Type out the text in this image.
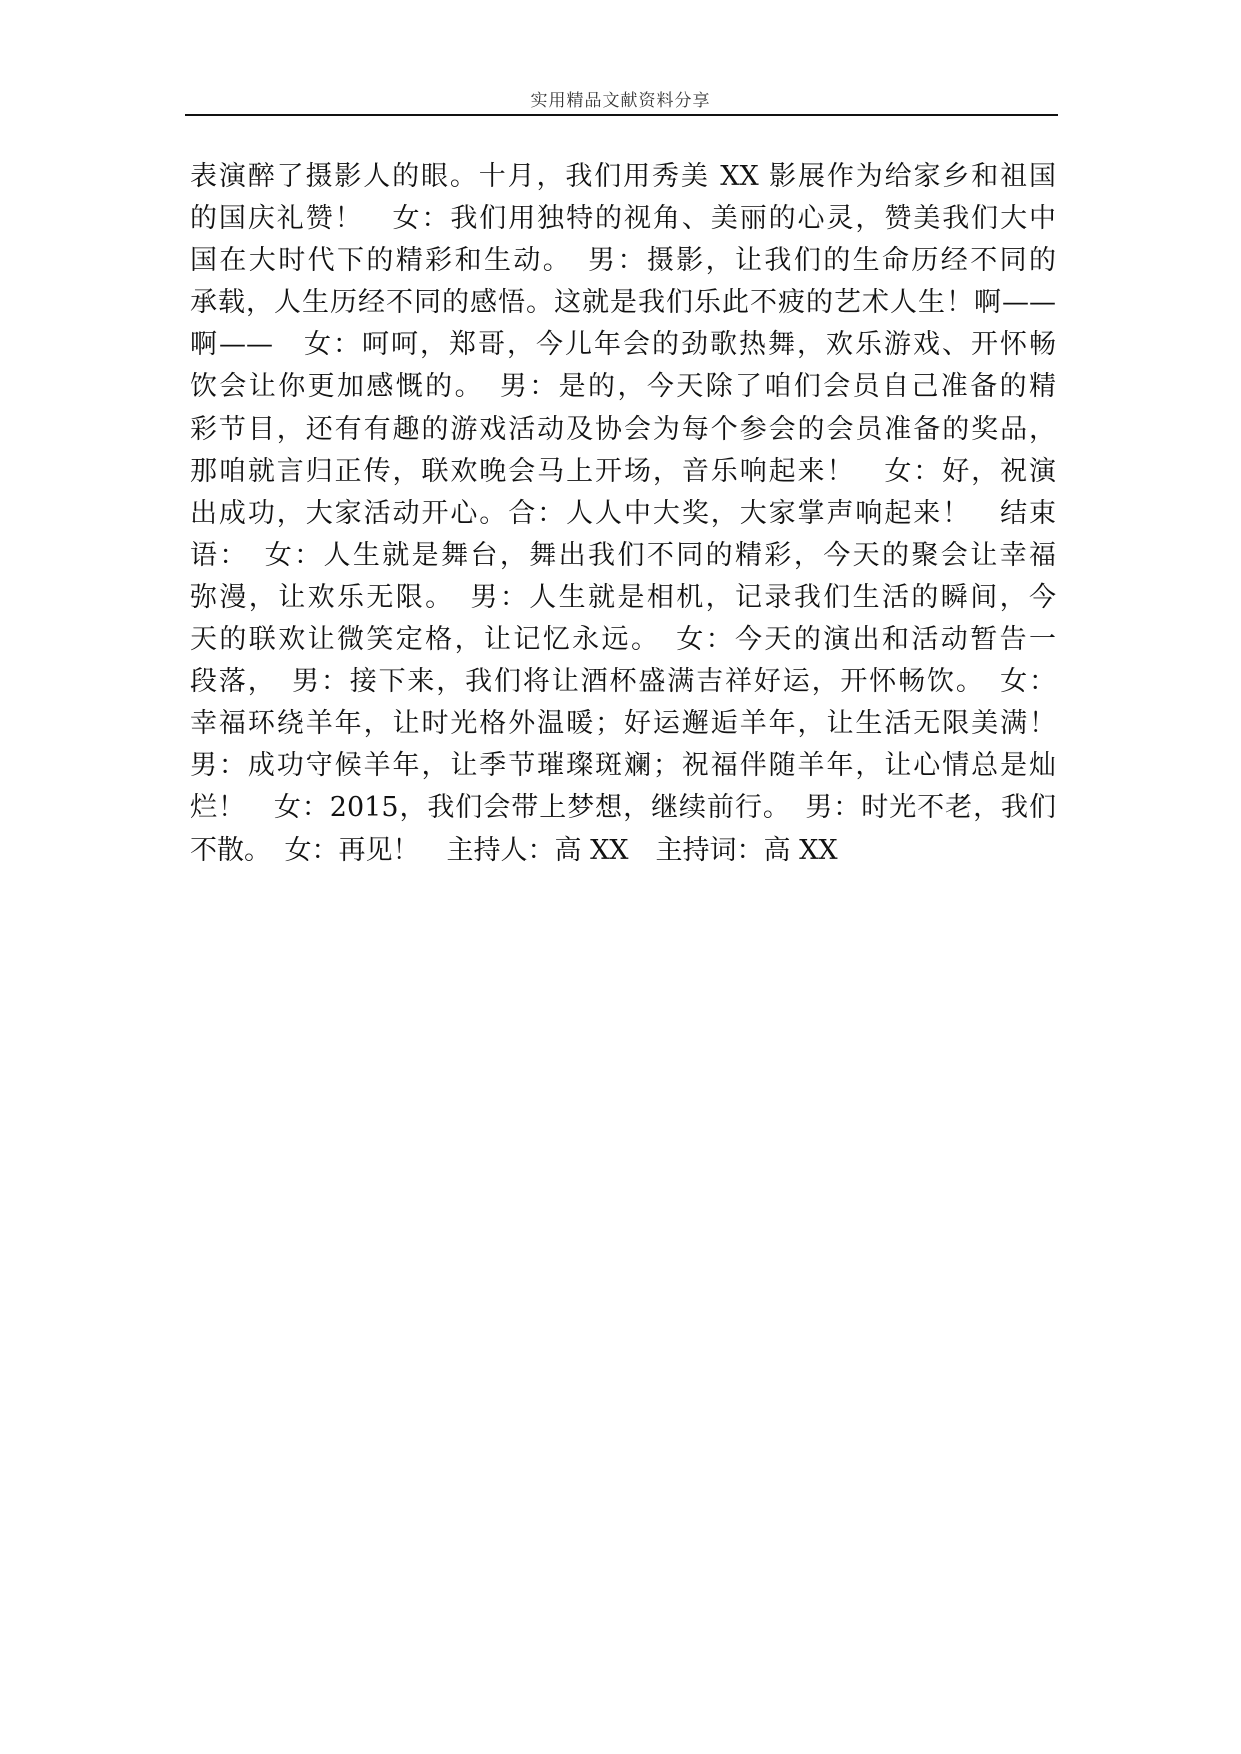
实用精品文献资料分享
表演醉了摄影人的眼。十月，我们用秀美 XX 影展作为给家乡和祖国
的国庆礼赞！　女：我们用独特的视角、美丽的心灵，赞美我们大中
国在大时代下的精彩和生动。　男：摄影，让我们的生命历经不同的
承载，人生历经不同的感悟。这就是我们乐此不疲的艺术人生！啊——
啊——　女：呵呵，郑哥，今儿年会的劲歌热舞，欢乐游戏、开怀畅
饮会让你更加感慨的。　男：是的，今天除了咱们会员自己准备的精
彩节目，还有有趣的游戏活动及协会为每个参会的会员准备的奖品，
那咱就言归正传，联欢晚会马上开场，音乐响起来！　女：好，祝演
出成功，大家活动开心。合：人人中大奖，大家掌声响起来！　结束
语：　女：人生就是舞台，舞出我们不同的精彩，今天的聚会让幸福
弥漫，让欢乐无限。　男：人生就是相机，记录我们生活的瞬间，今
天的联欢让微笑定格，让记忆永远。　女：今天的演出和活动暂告一
段落，　男：接下来，我们将让酒杯盛满吉祥好运，开怀畅饮。　女：
幸福环绕羊年，让时光格外温暖；好运邂逅羊年，让生活无限美满！
男：成功守候羊年，让季节璀璨斑斓；祝福伴随羊年，让心情总是灿
烂！　女：2015，我们会带上梦想，继续前行。　男：时光不老，我们
不散。　女：再见！　主持人：高 XX　主持词：高 XX
